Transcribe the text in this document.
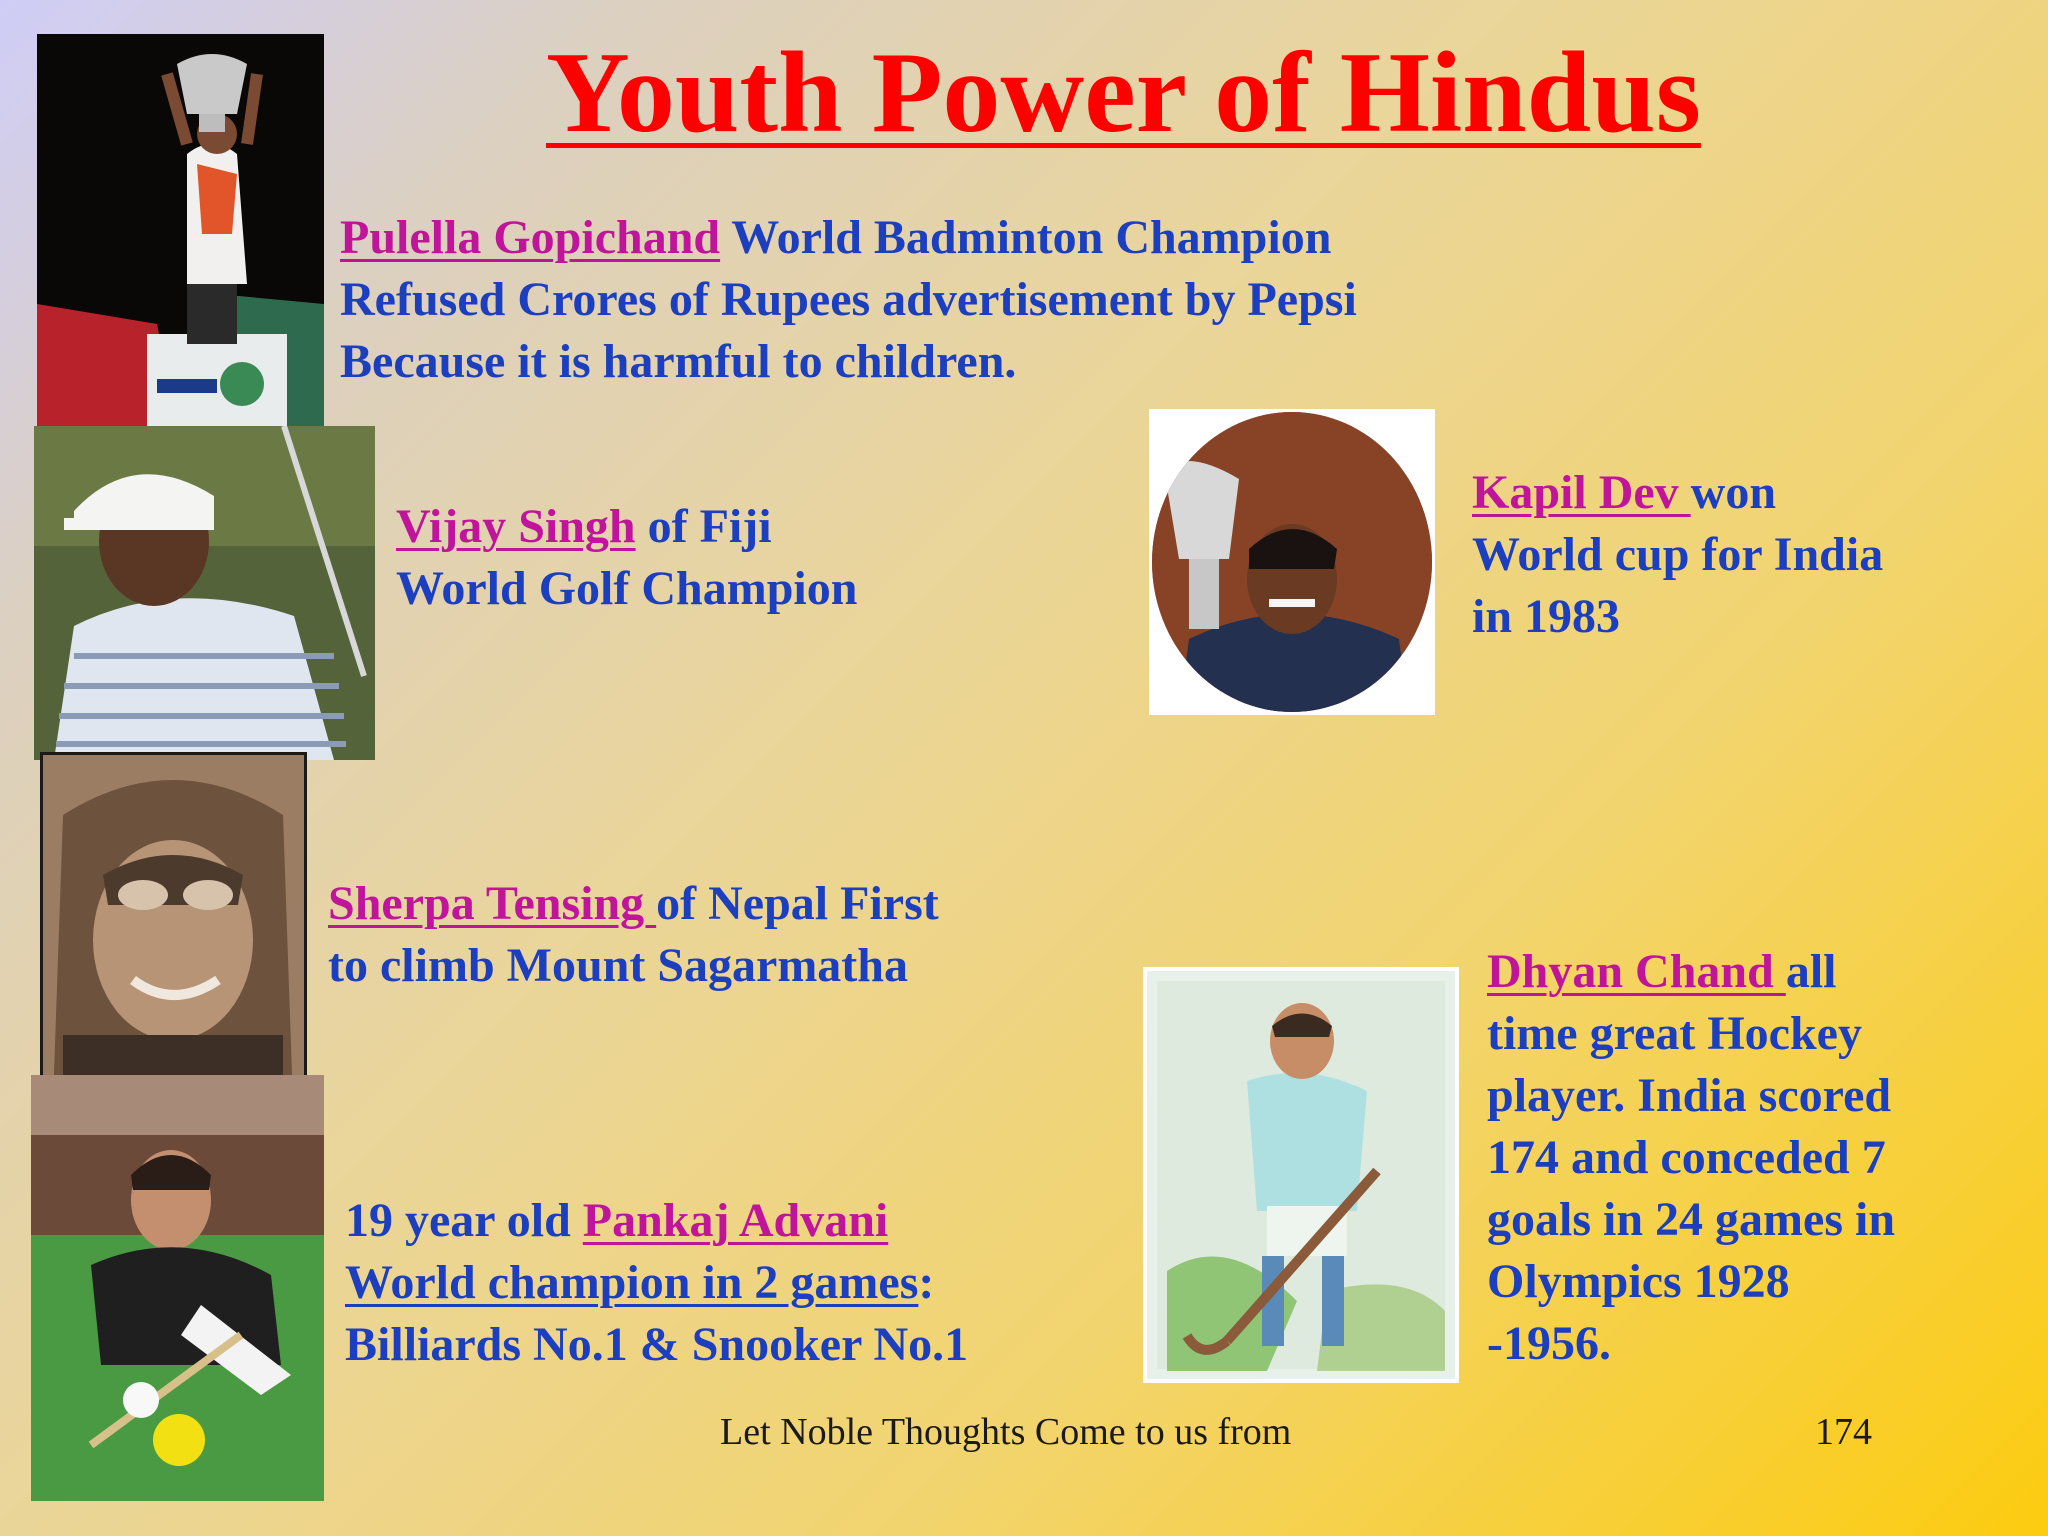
Youth Power of Hindus
Pulella Gopichand World Badminton Champion
Refused Crores of Rupees advertisement by Pepsi
Because it is harmful to children.
Vijay Singh of Fiji
World Golf Champion
Kapil Dev won
World cup for India
in 1983
Sherpa Tensing of Nepal First
to climb Mount Sagarmatha
19 year old Pankaj Advani
World champion in 2 games:
Billiards No.1 & Snooker No.1
Dhyan Chand all
time great Hockey
player. India scored
174 and conceded 7
goals in 24 games in
Olympics 1928
-1956.
Let Noble Thoughts Come to us from	174
